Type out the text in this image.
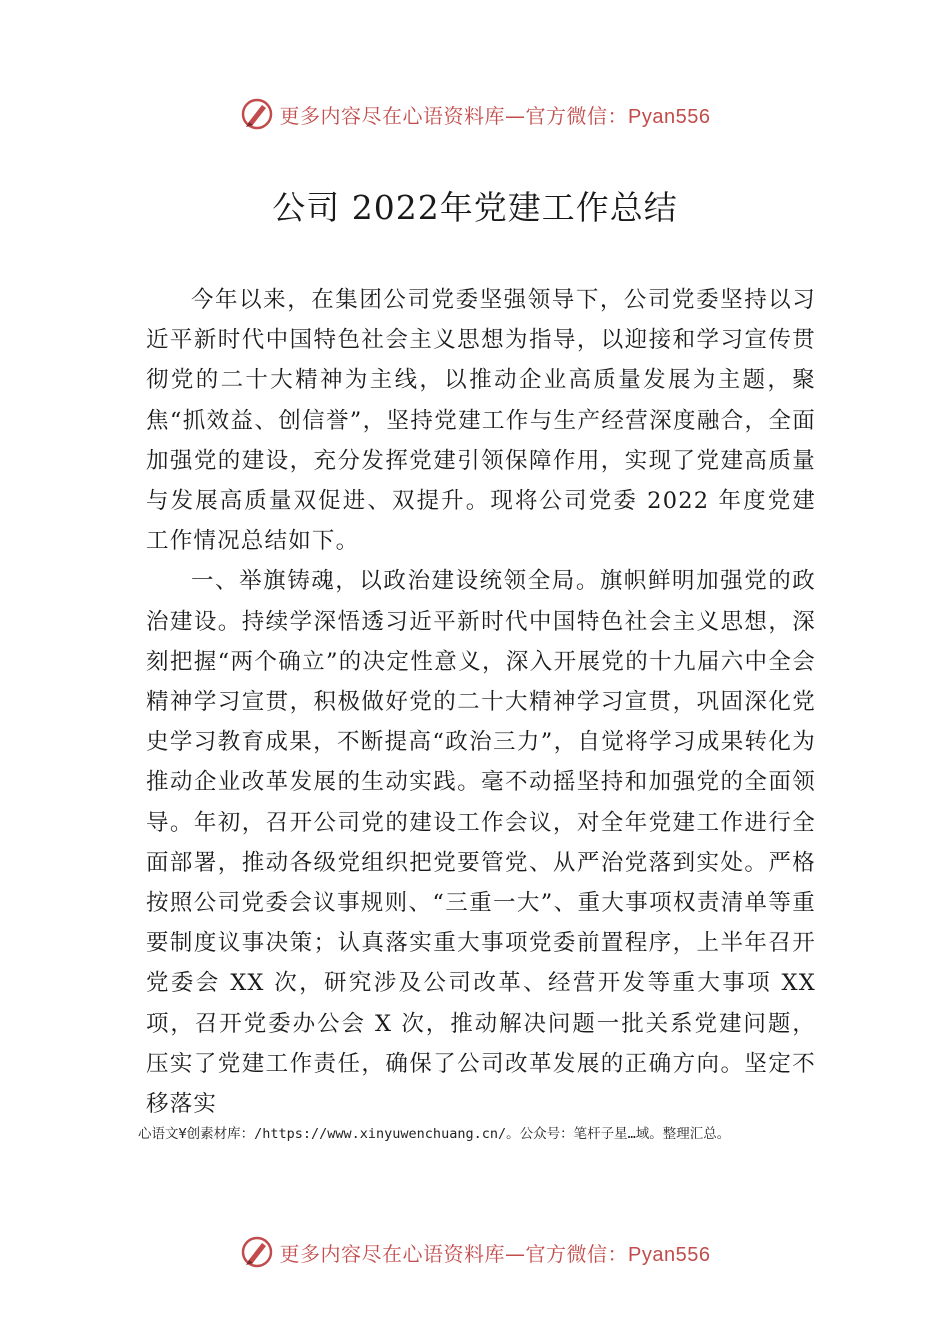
更多内容尽在心语资料库—官方微信：Pyan556
公司 2022年党建工作总结

今年以来，在集团公司党委坚强领导下，公司党委坚持以习近平新时代中国特色社会主义思想为指导，以迎接和学习宣传贯彻党的二十大精神为主线，以推动企业高质量发展为主题，聚焦“抓效益、创信誉”，坚持党建工作与生产经营深度融合，全面加强党的建设，充分发挥党建引领保障作用，实现了党建高质量与发展高质量双促进、双提升。现将公司党委 2022 年度党建工作情况总结如下。

一、举旗铸魂，以政治建设统领全局。旗帜鲜明加强党的政治建设。持续学深悟透习近平新时代中国特色社会主义思想，深刻把握“两个确立”的决定性意义，深入开展党的十九届六中全会精神学习宣贯，积极做好党的二十大精神学习宣贯，巩固深化党史学习教育成果，不断提高“政治三力”，自觉将学习成果转化为推动企业改革发展的生动实践。毫不动摇坚持和加强党的全面领导。年初，召开公司党的建设工作会议，对全年党建工作进行全面部署，推动各级党组织把党要管党、从严治党落到实处。严格按照公司党委会议事规则、“三重一大”、重大事项权责清单等重要制度议事决策；认真落实重大事项党委前置程序，上半年召开党委会 XX 次，研究涉及公司改革、经营开发等重大事项 XX 项，召开党委办公会 X 次，推动解决问题一批关系党建问题，压实了党建工作责任，确保了公司改革发展的正确方向。坚定不移落实

心语文¥创素材库：/https://www.xinyuwenchuang.cn/。公众号：笔杆子星…域。整理汇总。
更多内容尽在心语资料库—官方微信：Pyan556
